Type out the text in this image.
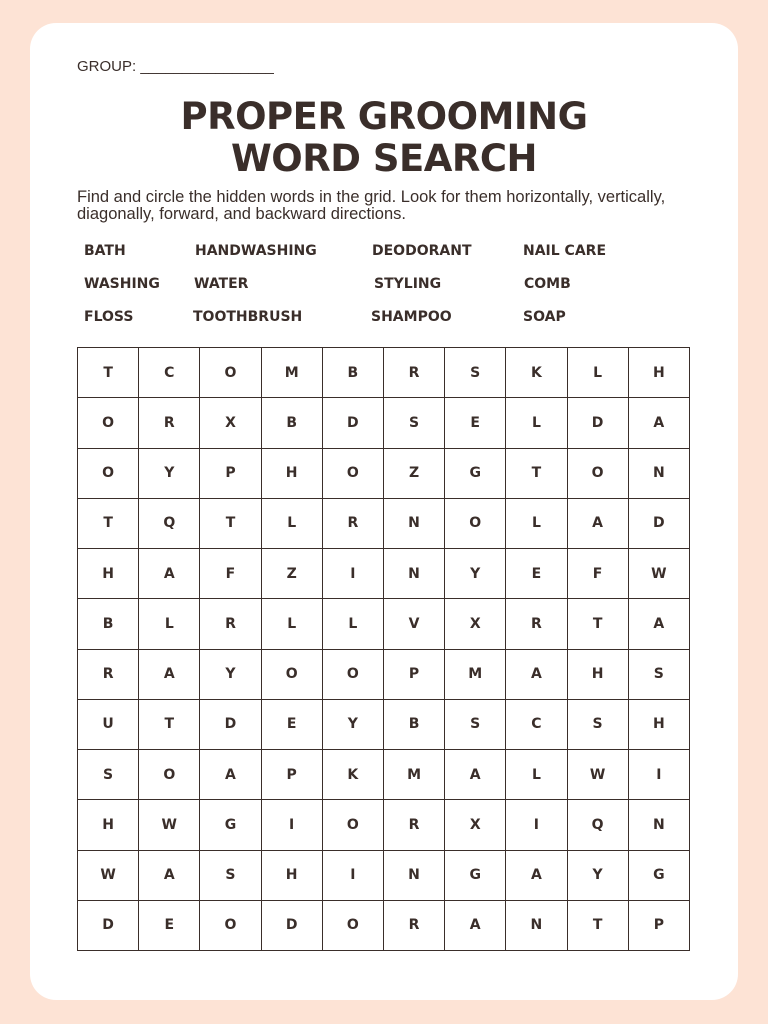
GROUP: ________________
PROPER GROOMING
WORD SEARCH
Find and circle the hidden words in the grid. Look for them horizontally, vertically, diagonally, forward, and backward directions.
BATH	HANDWASHING	DEODORANT	NAIL CARE
WASHING WATER	STYLING	COMB
FLOSS	TOOTHBRUSH	SHAMPOO	SOAP
T	C	O	M	B	R	S	K	L	H
O	R	X	B	D	S	E	L	D	A
O	Y	P	H	O	Z	G	T	O	N
T	Q	T	L	R	N	O	L	A	D
H	A	F	Z	I	N	Y	E	F	W
B	L	R	L	L	V	X	R	T	A
R	A	Y	O	O	P	M	A	H	S
U	T	D	E	Y	B	S	C	S	H
S	O	A	P	K	M	A	L	W	I
H	W	G	I	O	R	X	I	Q	N
W	A	S	H	I	N	G	A	Y	G
D	E	O	D	O	R	A	N	T	P
